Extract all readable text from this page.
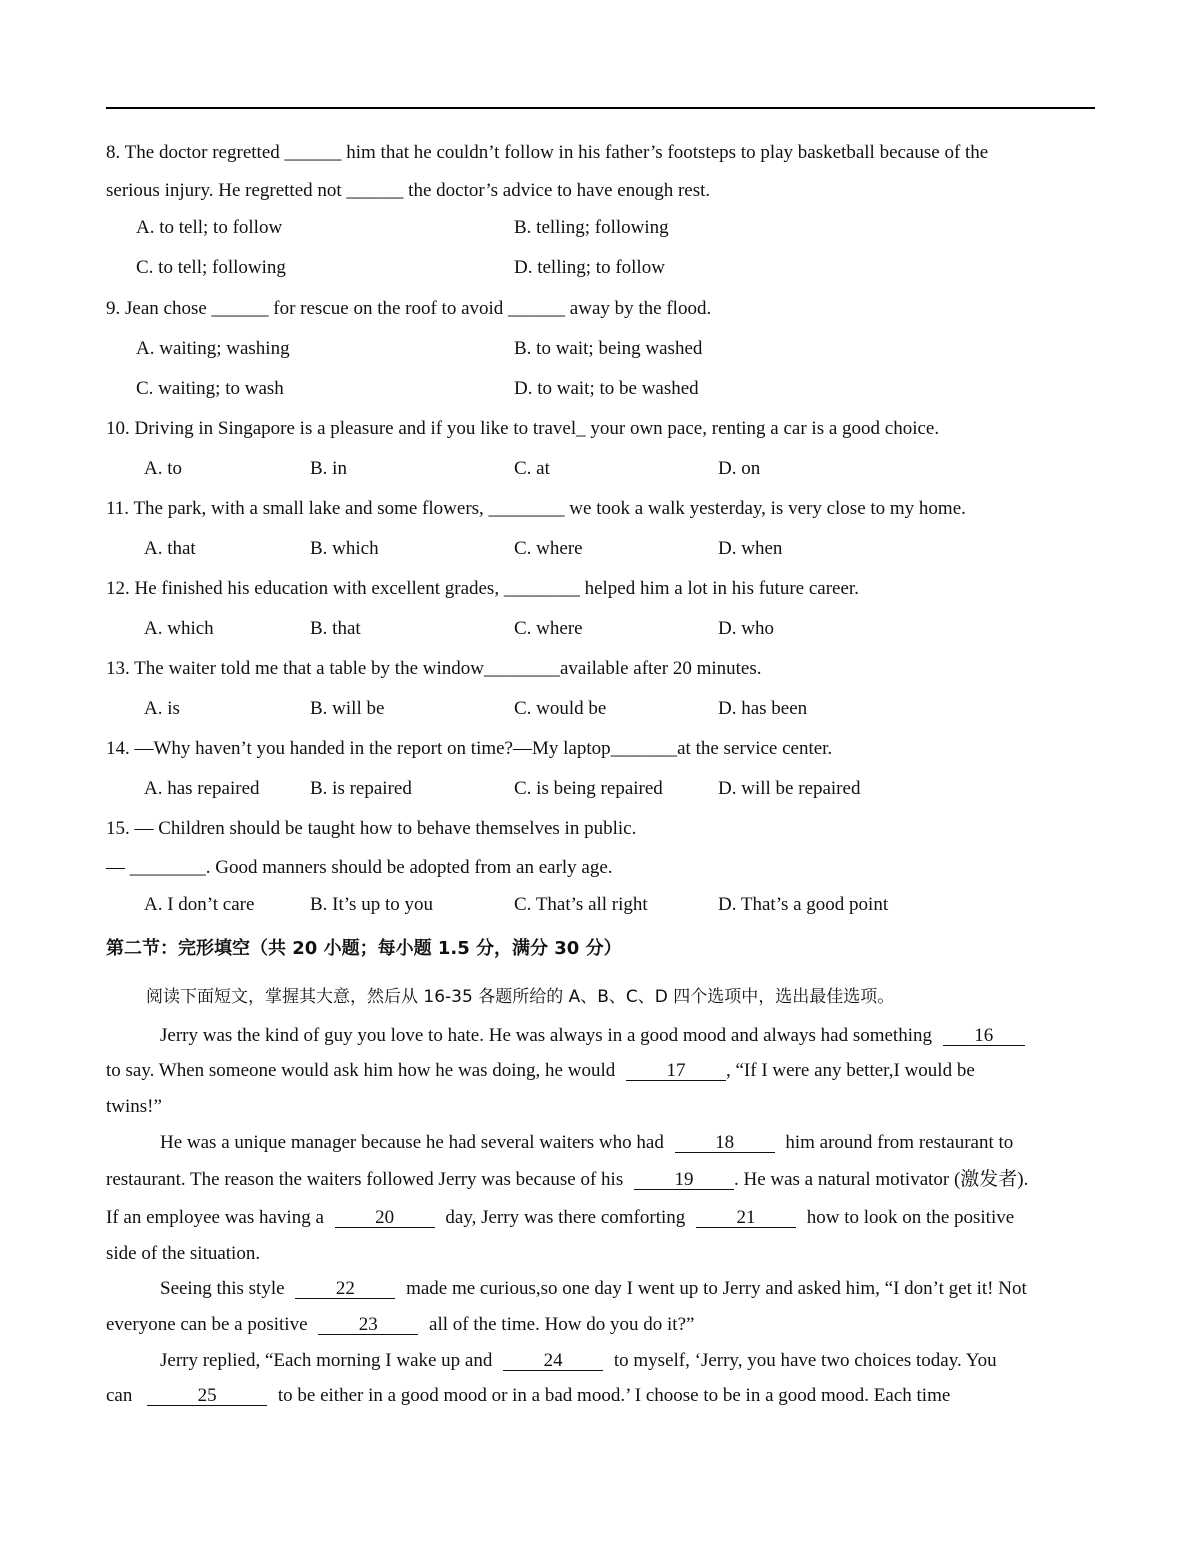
8. The doctor regretted ______ him that he couldn’t follow in his father’s footsteps to play basketball because of the
serious injury. He regretted not ______ the doctor’s advice to have enough rest.
A. to tell; to follow	B. telling; following
C. to tell; following	D. telling; to follow
9. Jean chose ______ for rescue on the roof to avoid ______ away by the flood.
A. waiting; washing	B. to wait; being washed
C. waiting; to wash	D. to wait; to be washed
10. Driving in Singapore is a pleasure and if you like to travel_ your own pace, renting a car is a good choice.
A. to	B. in	C. at	D. on
11. The park, with a small lake and some flowers, ________ we took a walk yesterday, is very close to my home.
A. that	B. which	C. where	D. when
12. He finished his education with excellent grades, ________ helped him a lot in his future career.
A. which	B. that	C. where	D. who
13. The waiter told me that a table by the window________available after 20 minutes.
A. is	B. will be	C. would be	D. has been
14. —Why haven’t you handed in the report on time?—My laptop_______at the service center.
A. has repaired	B. is repaired	C. is being repaired	D. will be repaired
15. — Children should be taught how to behave themselves in public.
— ________. Good manners should be adopted from an early age.
A. I don’t care	B. It’s up to you	C. That’s all right	D. That’s a good point
第二节：完形填空（共 20 小题；每小题 1.5 分，满分 30 分）
阅读下面短文，掌握其大意，然后从 16-35 各题所给的 A、B、C、D 四个选项中，选出最佳选项。
Jerry was the kind of guy you love to hate. He was always in a good mood and always had something 16
to say. When someone would ask him how he was doing, he would	17 , “If I were any better,I would be
twins!”
He was a unique manager because he had several waiters who had	18	him around from restaurant to
restaurant. The reason the waiters followed Jerry was because of his	19 . He was a natural motivator (激发者).
If an employee was having a	20	day, Jerry was there comforting	21	how to look on the positive
side of the situation.
Seeing this style	22	made me curious,so one day I went up to Jerry and asked him, “I don’t get it! Not
everyone can be a positive	23	all of the time. How do you do it?”
Jerry replied, “Each morning I wake up and	24	to myself, ‘Jerry, you have two choices today. You
can	25	to be either in a good mood or in a bad mood.’ I choose to be in a good mood. Each time
